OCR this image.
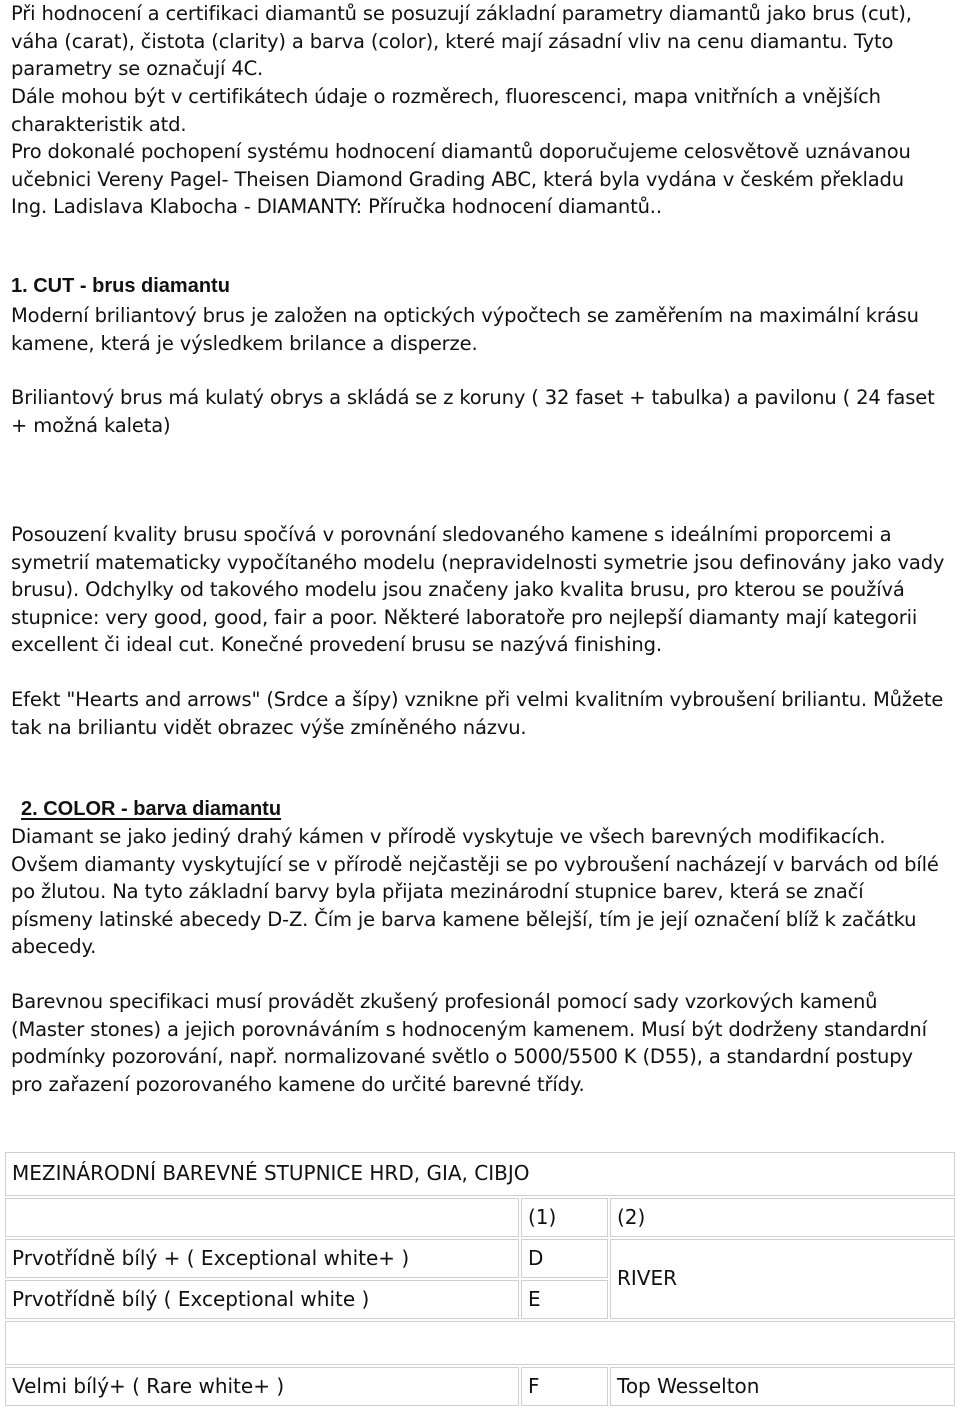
Při hodnocení a certifikaci diamantů se posuzují základní parametry diamantů jako brus (cut), váha (carat), čistota (clarity) a barva (color), které mají zásadní vliv na cenu diamantu. Tyto parametry se označují 4C.

Dále mohou být v certifikátech údaje o rozměrech, fluorescenci, mapa vnitřních a vnějších charakteristik atd.

Pro dokonalé pochopení systému hodnocení diamantů doporučujeme celosvětově uznávanou učebnici Vereny Pagel- Theisen Diamond Grading ABC, která byla vydána v českém překladu Ing. Ladislava Klabocha - DIAMANTY: Příručka hodnocení diamantů..

1. CUT - brus diamantu

Moderní briliantový brus je založen na optických výpočtech se zaměřením na maximální krásu kamene, která je výsledkem brilance a disperze.

Briliantový brus má kulatý obrys a skládá se z koruny ( 32 faset + tabulka) a pavilonu ( 24 faset + možná kaleta)

Posouzení kvality brusu spočívá v porovnání sledovaného kamene s ideálními proporcemi a symetrií matematicky vypočítaného modelu (nepravidelnosti symetrie jsou definovány jako vady brusu). Odchylky od takového modelu jsou značeny jako kvalita brusu, pro kterou se používá stupnice: very good, good, fair a poor. Některé laboratoře pro nejlepší diamanty mají kategorii excellent či ideal cut. Konečné provedení brusu se nazývá finishing.

Efekt "Hearts and arrows" (Srdce a šípy) vznikne při velmi kvalitním vybroušení briliantu. Můžete tak na briliantu vidět obrazec výše zmíněného názvu.

2. COLOR - barva diamantu

Diamant se jako jediný drahý kámen v přírodě vyskytuje ve všech barevných modifikacích. Ovšem diamanty vyskytující se v přírodě nejčastěji se po vybroušení nacházejí v barvách od bílé po žlutou. Na tyto základní barvy byla přijata mezinárodní stupnice barev, která se značí písmeny latinské abecedy D-Z. Čím je barva kamene bělejší, tím je její označení blíž k začátku abecedy.

Barevnou specifikaci musí provádět zkušený profesionál pomocí sady vzorkových kamenů (Master stones) a jejich porovnáváním s hodnoceným kamenem. Musí být dodrženy standardní podmínky pozorování, např. normalizované světlo o 5000/5500 K (D55), a standardní postupy pro zařazení pozorovaného kamene do určité barevné třídy.

MEZINÁRODNÍ BAREVNÉ STUPNICE HRD, GIA, CIBJO		
	(1)	(2)
Prvotřídně bílý + ( Exceptional white+ )	D	RIVER
Prvotřídně bílý ( Exceptional white )	E	

Velmi bílý+ ( Rare white+ )	F	Top Wesselton
